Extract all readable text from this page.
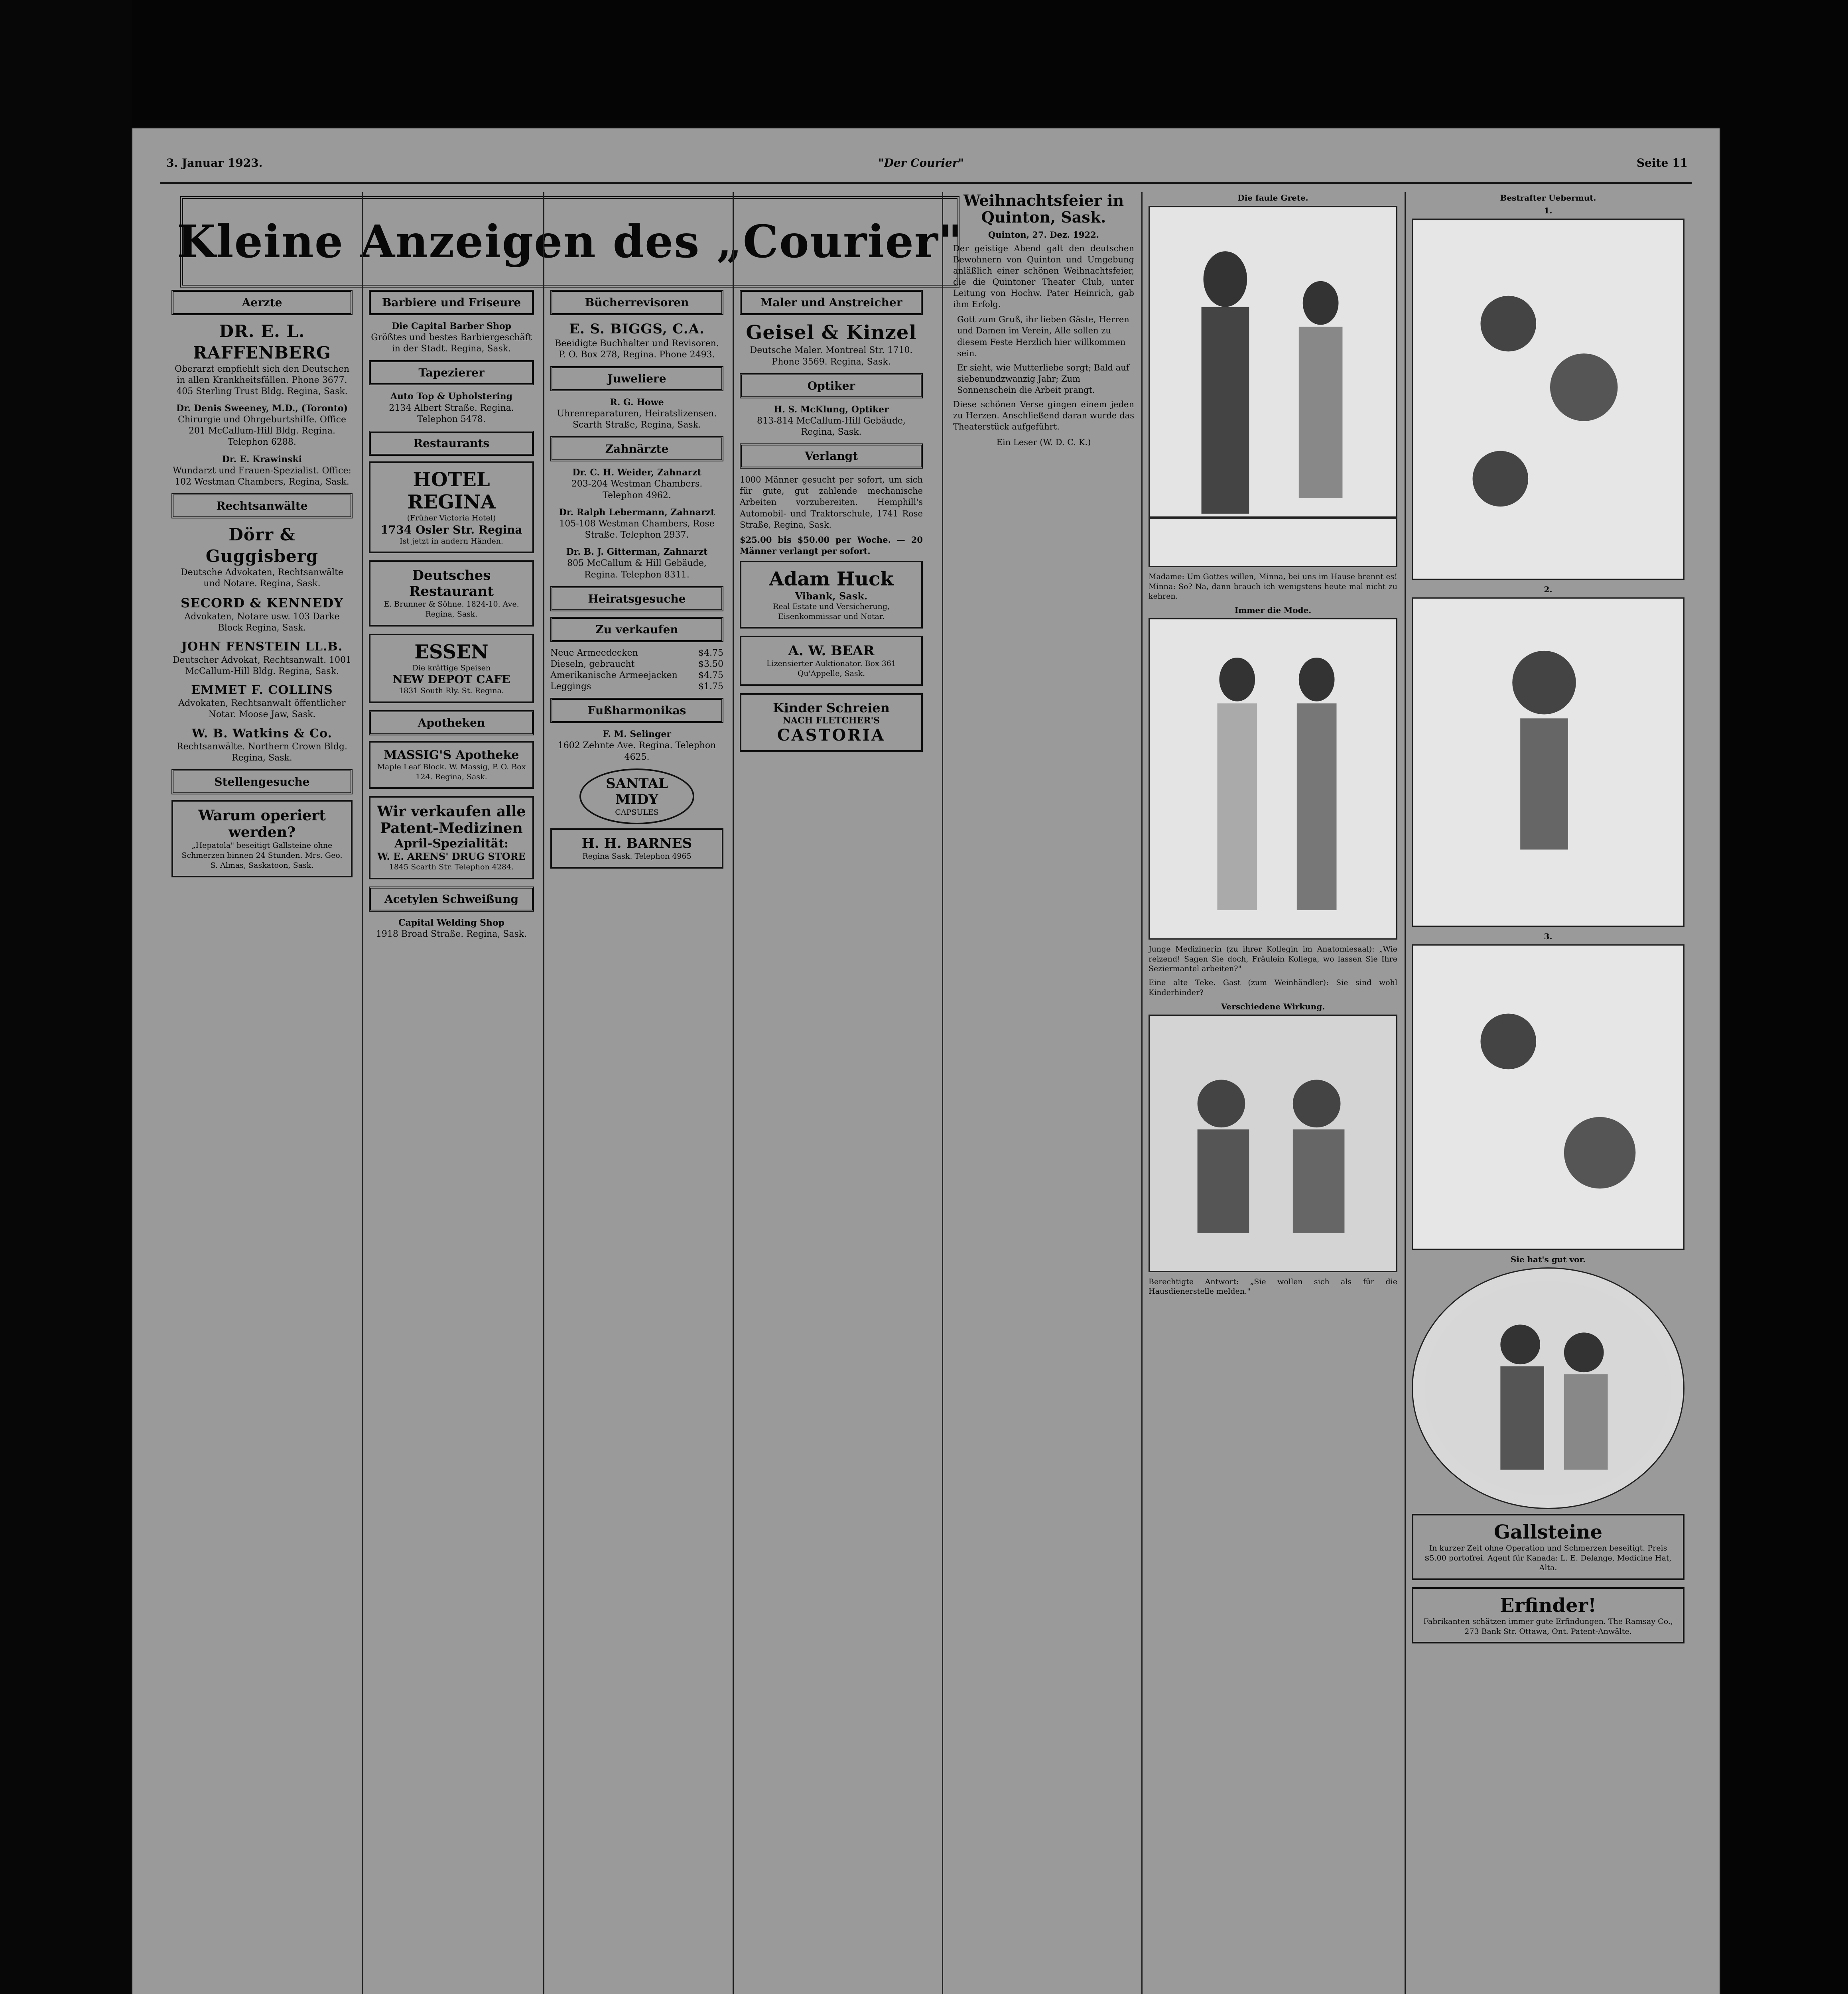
3. Januar 1923.	"Der Courier"	Seite 11
Kleine Anzeigen des „Courier"
Aerzte
DR. E. L. RAFFENBERG
Oberarzt empfiehlt sich den Deutschen in allen Krankheitsfällen. Phone 3677. 405 Sterling Trust Bldg. Regina, Sask.
Dr. Denis Sweeney, M.D., (Toronto)
Chirurgie und Ohrgeburtshilfe. Office 201 McCallum-Hill Bldg. Regina. Telephon 6288.
Dr. E. Krawinski
Wundarzt und Frauen-Spezialist. Office: 102 Westman Chambers, Regina, Sask.
Rechtsanwälte
Dörr & Guggisberg
Deutsche Advokaten, Rechtsanwälte und Notare. Regina, Sask.
SECORD & KENNEDY
Advokaten, Notare usw. 103 Darke Block Regina, Sask.
JOHN FENSTEIN LL.B.
Deutscher Advokat, Rechtsanwalt. 1001 McCallum-Hill Bldg. Regina, Sask.
EMMET F. COLLINS
Advokaten, Rechtsanwalt öffentlicher Notar. Moose Jaw, Sask.
W. B. Watkins & Co.
Rechtsanwälte. Northern Crown Bldg. Regina, Sask.
Stellengesuche
Warum operiert werden?
„Hepatola" beseitigt Gallsteine ohne Schmerzen binnen 24 Stunden. Mrs. Geo. S. Almas, Saskatoon, Sask.
Barbiere und Friseure
Die Capital Barber Shop
Größtes und bestes Barbiergeschäft in der Stadt. Regina, Sask.
Tapezierer
Auto Top & Upholstering
2134 Albert Straße. Regina. Telephon 5478.
Restaurants
HOTEL REGINA
(Früher Victoria Hotel)
1734 Osler Str. Regina
Ist jetzt in andern Händen.
Deutsches Restaurant
E. Brunner & Söhne. 1824-10. Ave. Regina, Sask.
ESSEN
Die kräftige Speisen
NEW DEPOT CAFE
1831 South Rly. St. Regina.
Apotheken
MASSIG'S Apotheke
Maple Leaf Block. W. Massig, P. O. Box 124. Regina, Sask.
Wir verkaufen alle Patent-Medizinen
April-Spezialität:
W. E. ARENS' DRUG STORE
1845 Scarth Str. Telephon 4284.
Acetylen Schweißung
Capital Welding Shop
1918 Broad Straße. Regina, Sask.
Bücherrevisoren
E. S. BIGGS, C.A.
Beeidigte Buchhalter und Revisoren. P. O. Box 278, Regina. Phone 2493.
Juweliere
R. G. Howe
Uhrenreparaturen, Heiratslizensen. Scarth Straße, Regina, Sask.
Zahnärzte
Dr. C. H. Weider, Zahnarzt
203-204 Westman Chambers. Telephon 4962.
Dr. Ralph Lebermann, Zahnarzt
105-108 Westman Chambers, Rose Straße. Telephon 2937.
Dr. B. J. Gitterman, Zahnarzt
805 McCallum & Hill Gebäude, Regina. Telephon 8311.
Heiratsgesuche
Zu verkaufen
Neue Armeedecken	$4.75
Dieseln, gebraucht	$3.50
Amerikanische Armeejacken $4.75
Leggings	$1.75
Fußharmonikas
F. M. Selinger
1602 Zehnte Ave. Regina. Telephon 4625.
SANTAL MIDY
CAPSULES
H. H. BARNES
Regina Sask. Telephon 4965
Maler und Anstreicher
Geisel & Kinzel
Deutsche Maler. Montreal Str. 1710. Phone 3569. Regina, Sask.
Optiker
H. S. McKlung, Optiker
813-814 McCallum-Hill Gebäude, Regina, Sask.
Verlangt

1000 Männer gesucht per sofort, um sich für gute, gut zahlende mechanische Arbeiten vorzubereiten. Hemphill's Automobil- und Traktorschule, 1741 Rose Straße, Regina, Sask.

$25.00 bis $50.00 per Woche. — 20 Männer verlangt per sofort.

Adam Huck
Vibank, Sask.
Real Estate und Versicherung, Eisenkommissar und Notar.
A. W. BEAR
Lizensierter Auktionator. Box 361 Qu'Appelle, Sask.
Kinder Schreien
NACH FLETCHER'S
CASTORIA
Weihnachtsfeier in Quinton, Sask.
Quinton, 27. Dez. 1922.

Der geistige Abend galt den deutschen Bewohnern von Quinton und Umgebung anläßlich einer schönen Weihnachtsfeier, die die Quintoner Theater Club, unter Leitung von Hochw. Pater Heinrich, gab ihm Erfolg.

Gott zum Gruß, ihr lieben Gäste, Herren und Damen im Verein, Alle sollen zu diesem Feste Herzlich hier willkommen sein.

Er sieht, wie Mutterliebe sorgt; Bald auf siebenundzwanzig Jahr; Zum Sonnenschein die Arbeit prangt.

Diese schönen Verse gingen einem jeden zu Herzen. Anschließend daran wurde das Theaterstück aufgeführt.

Ein Leser (W. D. C. K.)

Die faule Grete.

Madame: Um Gottes willen, Minna, bei uns im Hause brennt es! Minna: So? Na, dann brauch ich wenigstens heute mal nicht zu kehren.

Immer die Mode.

Junge Medizinerin (zu ihrer Kollegin im Anatomiesaal): „Wie reizend! Sagen Sie doch, Fräulein Kollega, wo lassen Sie Ihre Seziermantel arbeiten?"

Eine alte Teke. Gast (zum Weinhändler): Sie sind wohl Kinderhinder?

Verschiedene Wirkung.

Berechtigte Antwort: „Sie wollen sich als für die Hausdienerstelle melden."

Bestrafter Uebermut.
1.
2.
3.
Sie hat's gut vor.
Gallsteine
In kurzer Zeit ohne Operation und Schmerzen beseitigt. Preis $5.00 portofrei. Agent für Kanada: L. E. Delange, Medicine Hat, Alta.
Erfinder!
Fabrikanten schätzen immer gute Erfindungen. The Ramsay Co., 273 Bank Str. Ottawa, Ont. Patent-Anwälte.
